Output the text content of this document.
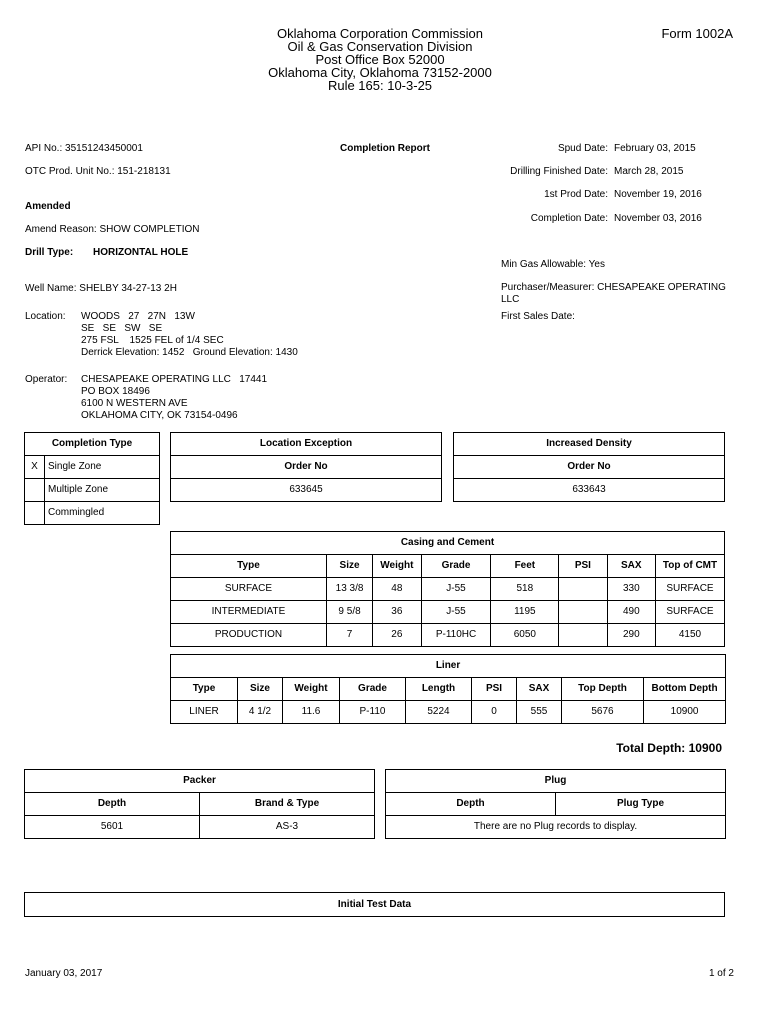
Oklahoma Corporation Commission
Oil & Gas Conservation Division
Post Office Box 52000
Oklahoma City, Oklahoma 73152-2000
Rule 165: 10-3-25
Form 1002A
API No.: 35151243450001
OTC Prod. Unit No.: 151-218131
Completion Report
Amended
Amend Reason: SHOW COMPLETION
Drill Type: HORIZONTAL HOLE
Well Name: SHELBY 34-27-13 2H
Location: WOODS   27   27N   13W
SE   SE   SW   SE
275 FSL    1525 FEL of 1/4 SEC
Derrick Elevation: 1452   Ground Elevation: 1430
Operator: CHESAPEAKE OPERATING LLC   17441
PO BOX 18496
6100 N WESTERN AVE
OKLAHOMA CITY, OK 73154-0496
Spud Date: February 03, 2015
Drilling Finished Date: March 28, 2015
1st Prod Date: November 19, 2016
Completion Date: November 03, 2016
Min Gas Allowable: Yes
Purchaser/Measurer: CHESAPEAKE OPERATING
LLC
First Sales Date:
Completion Type	
X	Single Zone
	Multiple Zone
	Commingled
Location Exception
Order No
633645
Increased Density
Order No
633643
Casing and Cement							
Type	Size	Weight	Grade	Feet	PSI	SAX	Top of CMT
SURFACE	13 3/8	48	J-55	518		330	SURFACE
INTERMEDIATE	9 5/8	36	J-55	1195		490	SURFACE
PRODUCTION	7	26	P-110HC	6050		290	4150
Liner								
Type	Size	Weight	Grade	Length	PSI	SAX	Top Depth	Bottom Depth
LINER	4 1/2	11.6	P-110	5224	0	555	5676	10900
Total Depth: 10900
Packer	
Depth	Brand & Type
5601	AS-3
Plug
Depth	Plug Type
There are no Plug records to display.
Initial Test Data
January 03, 2017	1 of 2
